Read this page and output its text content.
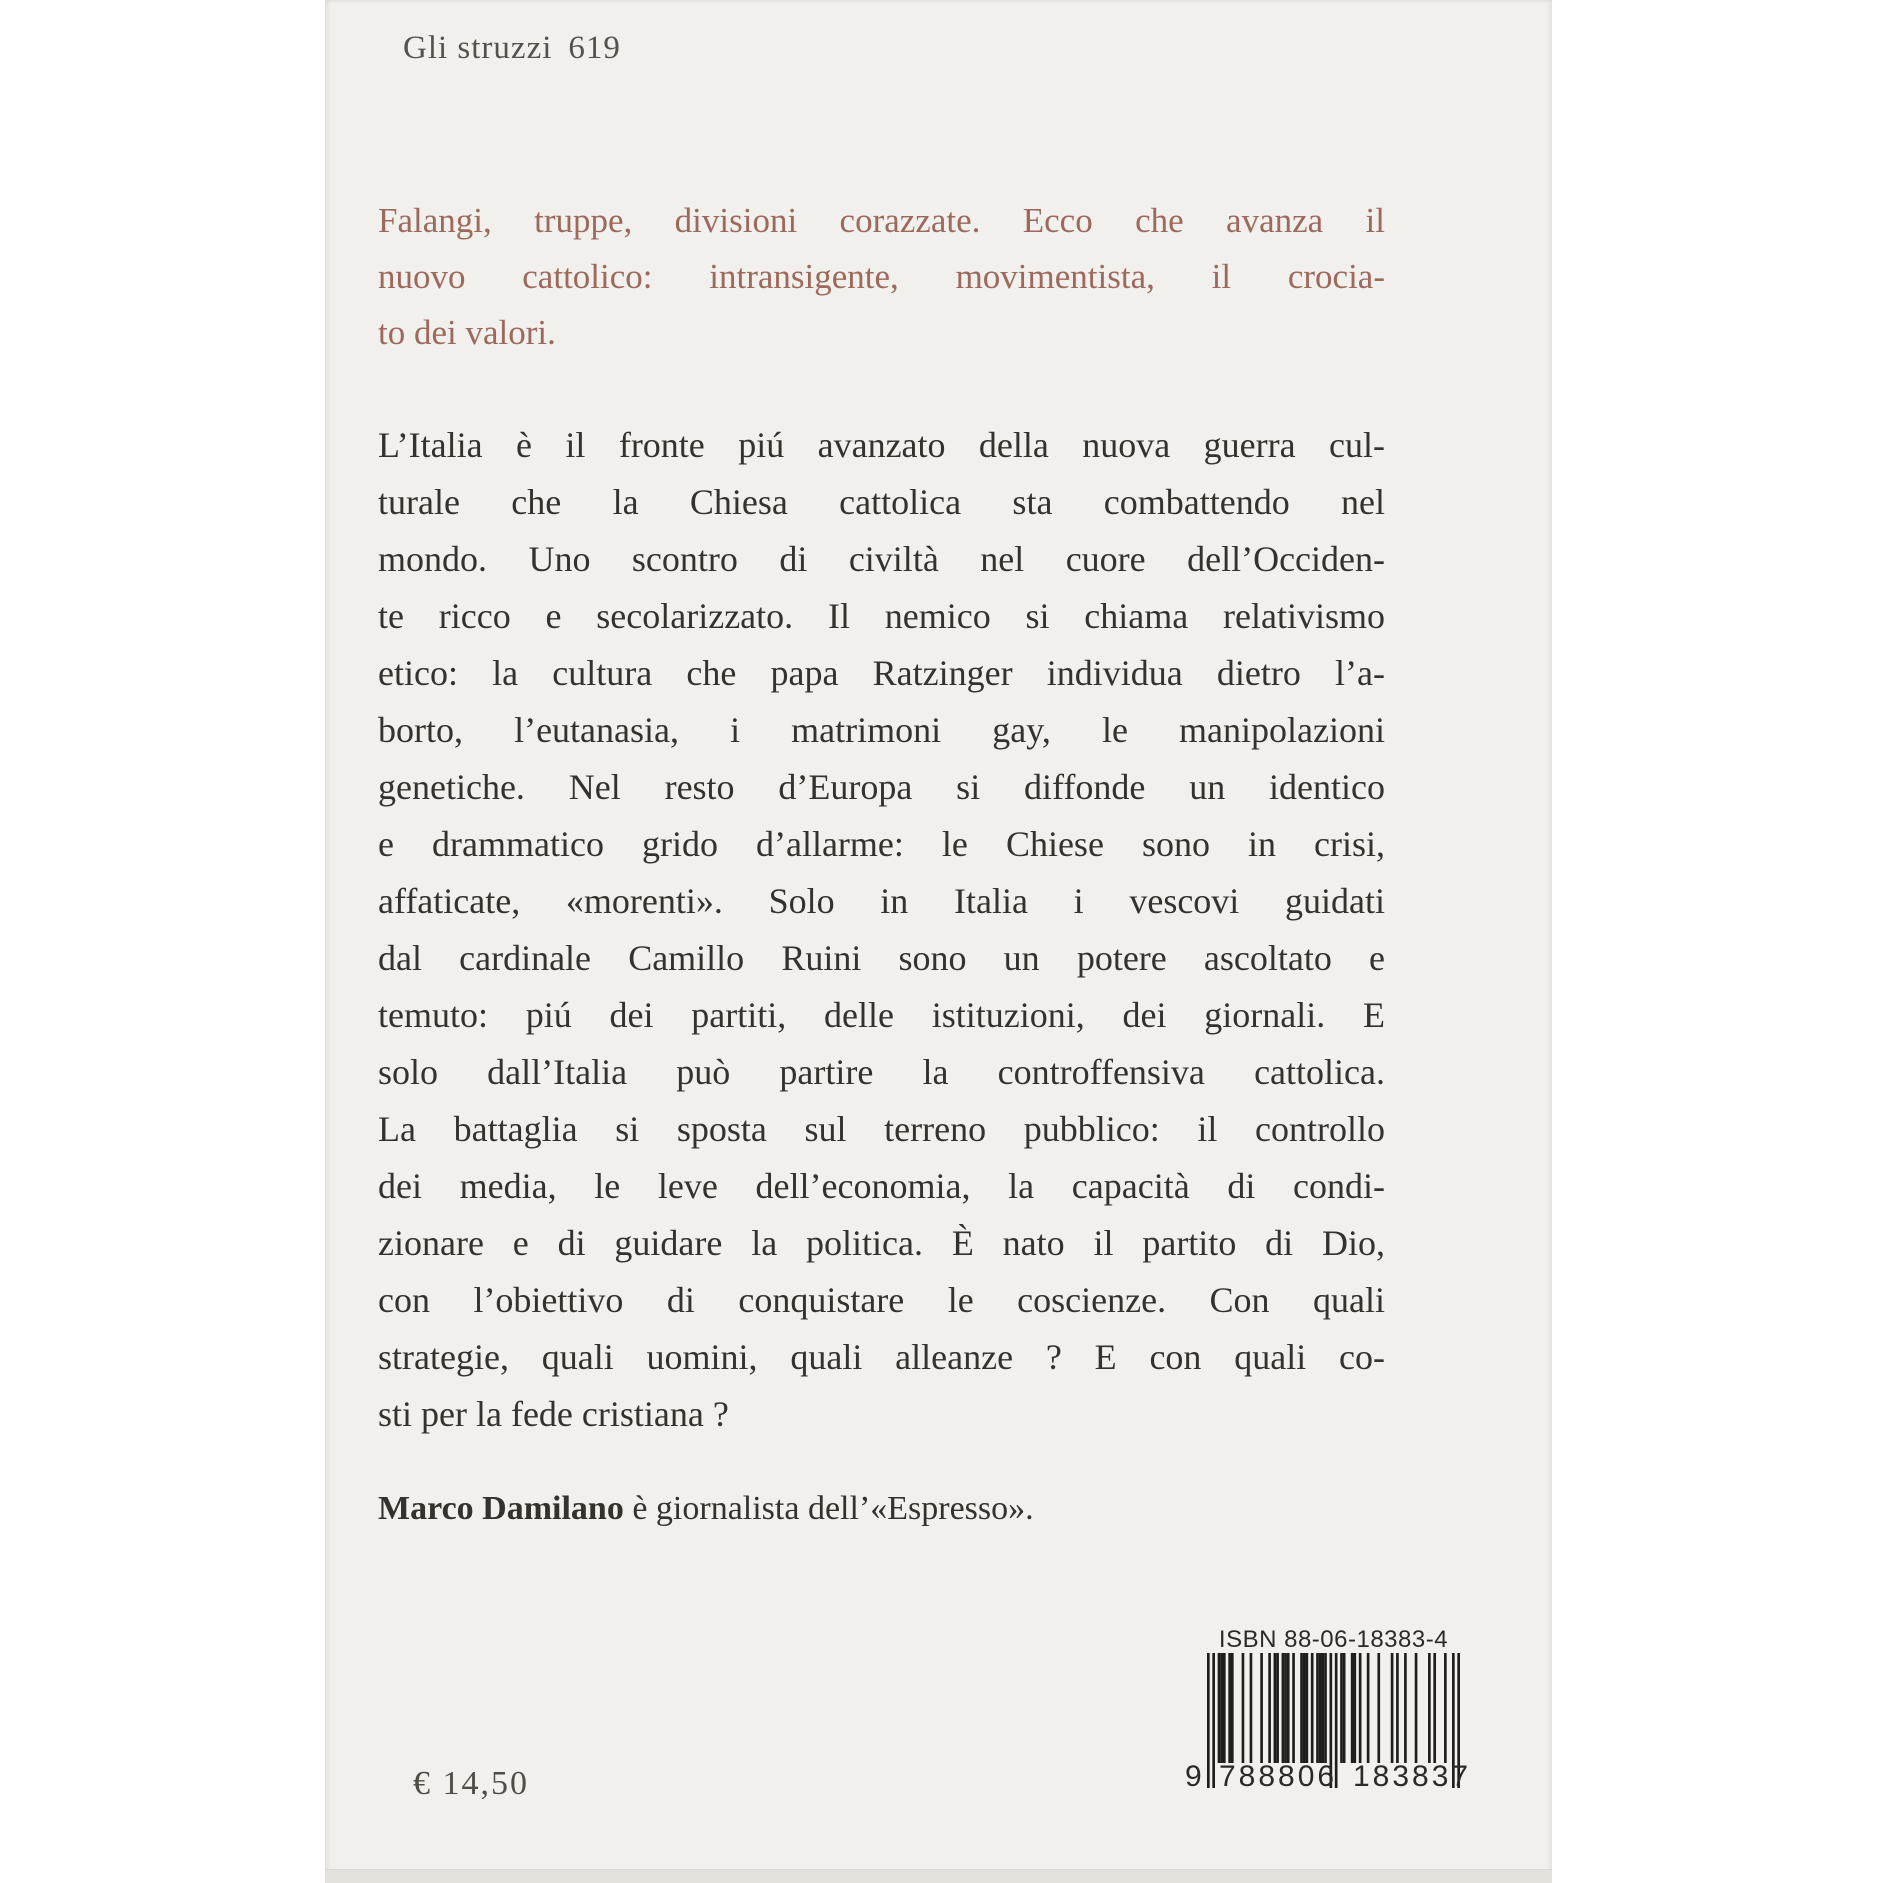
Gli struzzi 619
Falangi, truppe, divisioni corazzate. Ecco che avanza il
nuovo cattolico: intransigente, movimentista, il crocia-
to dei valori.
L’Italia è il fronte piú avanzato della nuova guerra cul-
turale che la Chiesa cattolica sta combattendo nel
mondo. Uno scontro di civiltà nel cuore dell’Occiden-
te ricco e secolarizzato. Il nemico si chiama relativismo
etico: la cultura che papa Ratzinger individua dietro l’a-
borto, l’eutanasia, i matrimoni gay, le manipolazioni
genetiche. Nel resto d’Europa si diffonde un identico
e drammatico grido d’allarme: le Chiese sono in crisi,
affaticate, «morenti». Solo in Italia i vescovi guidati
dal cardinale Camillo Ruini sono un potere ascoltato e
temuto: piú dei partiti, delle istituzioni, dei giornali. E
solo dall’Italia può partire la controffensiva cattolica.
La battaglia si sposta sul terreno pubblico: il controllo
dei media, le leve dell’economia, la capacità di condi-
zionare e di guidare la politica. È nato il partito di Dio,
con l’obiettivo di conquistare le coscienze. Con quali
strategie, quali uomini, quali alleanze ? E con quali co-
sti per la fede cristiana ?
Marco Damilano è giornalista dell’«Espresso».
ISBN 88-06-18383-4
9 788806 183837
€ 14,50
